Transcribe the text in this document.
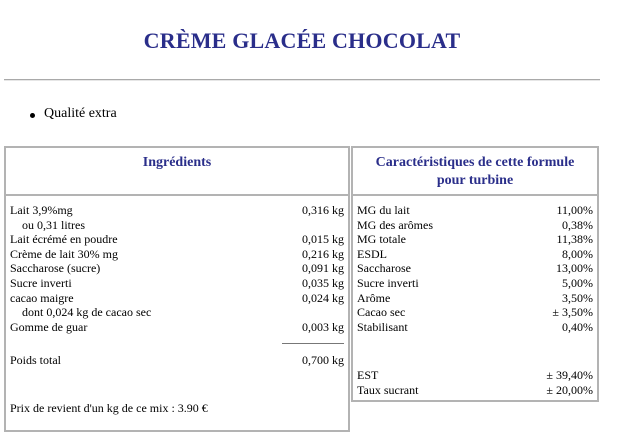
CRÈME GLACÉE CHOCOLAT
Qualité extra
Ingrédients
Lait 3,9%mg	0,316 kg
ou 0,31 litres
Lait écrémé en poudre	0,015 kg
Crème de lait 30% mg	0,216 kg
Saccharose (sucre)	0,091 kg
Sucre inverti	0,035 kg
cacao maigre	0,024 kg
dont 0,024 kg de cacao sec
Gomme de guar	0,003 kg
Poids total	0,700 kg
Prix de revient d'un kg de ce mix : 3.90 €
Caractéristiques de cette formule
pour turbine
MG du lait	11,00%
MG des arômes	0,38%
MG totale	11,38%
ESDL	8,00%
Saccharose	13,00%
Sucre inverti	5,00%
Arôme	3,50%
Cacao sec	± 3,50%
Stabilisant	0,40%
EST	± 39,40%
Taux sucrant	± 20,00%
